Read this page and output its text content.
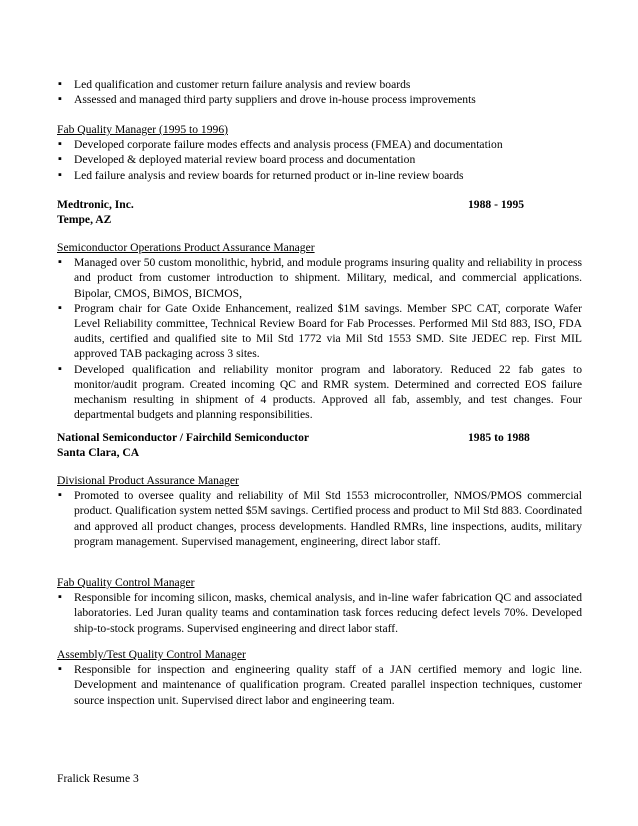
▪ Led qualification and customer return failure analysis and review boards
▪ Assessed and managed third party suppliers and drove in-house process improvements
Fab Quality Manager (1995 to 1996)
▪ Developed corporate failure modes effects and analysis process (FMEA) and documentation
▪ Developed & deployed material review board process and documentation
▪ Led failure analysis and review boards for returned product or in-line review boards
Medtronic, Inc.	1988 - 1995
Tempe, AZ
Semiconductor Operations Product Assurance Manager
▪ Managed over 50 custom monolithic, hybrid, and module programs insuring quality and reliability in process and product from customer introduction to shipment. Military, medical, and commercial applications. Bipolar, CMOS, BiMOS, BICMOS,
▪ Program chair for Gate Oxide Enhancement, realized $1M savings. Member SPC CAT, corporate Wafer Level Reliability committee, Technical Review Board for Fab Processes. Performed Mil Std 883, ISO, FDA audits, certified and qualified site to Mil Std 1772 via Mil Std 1553 SMD. Site JEDEC rep. First MIL approved TAB packaging across 3 sites.
▪ Developed qualification and reliability monitor program and laboratory. Reduced 22 fab gates to monitor/audit program. Created incoming QC and RMR system. Determined and corrected EOS failure mechanism resulting in shipment of 4 products. Approved all fab, assembly, and test changes. Four departmental budgets and planning responsibilities.
National Semiconductor / Fairchild Semiconductor	1985 to 1988
Santa Clara, CA
Divisional Product Assurance Manager
▪ Promoted to oversee quality and reliability of Mil Std 1553 microcontroller, NMOS/PMOS commercial product. Qualification system netted $5M savings. Certified process and product to Mil Std 883. Coordinated and approved all product changes, process developments. Handled RMRs, line inspections, audits, military program management. Supervised management, engineering, direct labor staff.
Fab Quality Control Manager
▪ Responsible for incoming silicon, masks, chemical analysis, and in-line wafer fabrication QC and associated laboratories. Led Juran quality teams and contamination task forces reducing defect levels 70%. Developed ship-to-stock programs. Supervised engineering and direct labor staff.
Assembly/Test Quality Control Manager
▪ Responsible for inspection and engineering quality staff of a JAN certified memory and logic line. Development and maintenance of qualification program. Created parallel inspection techniques, customer source inspection unit. Supervised direct labor and engineering team.
Fralick Resume 3
